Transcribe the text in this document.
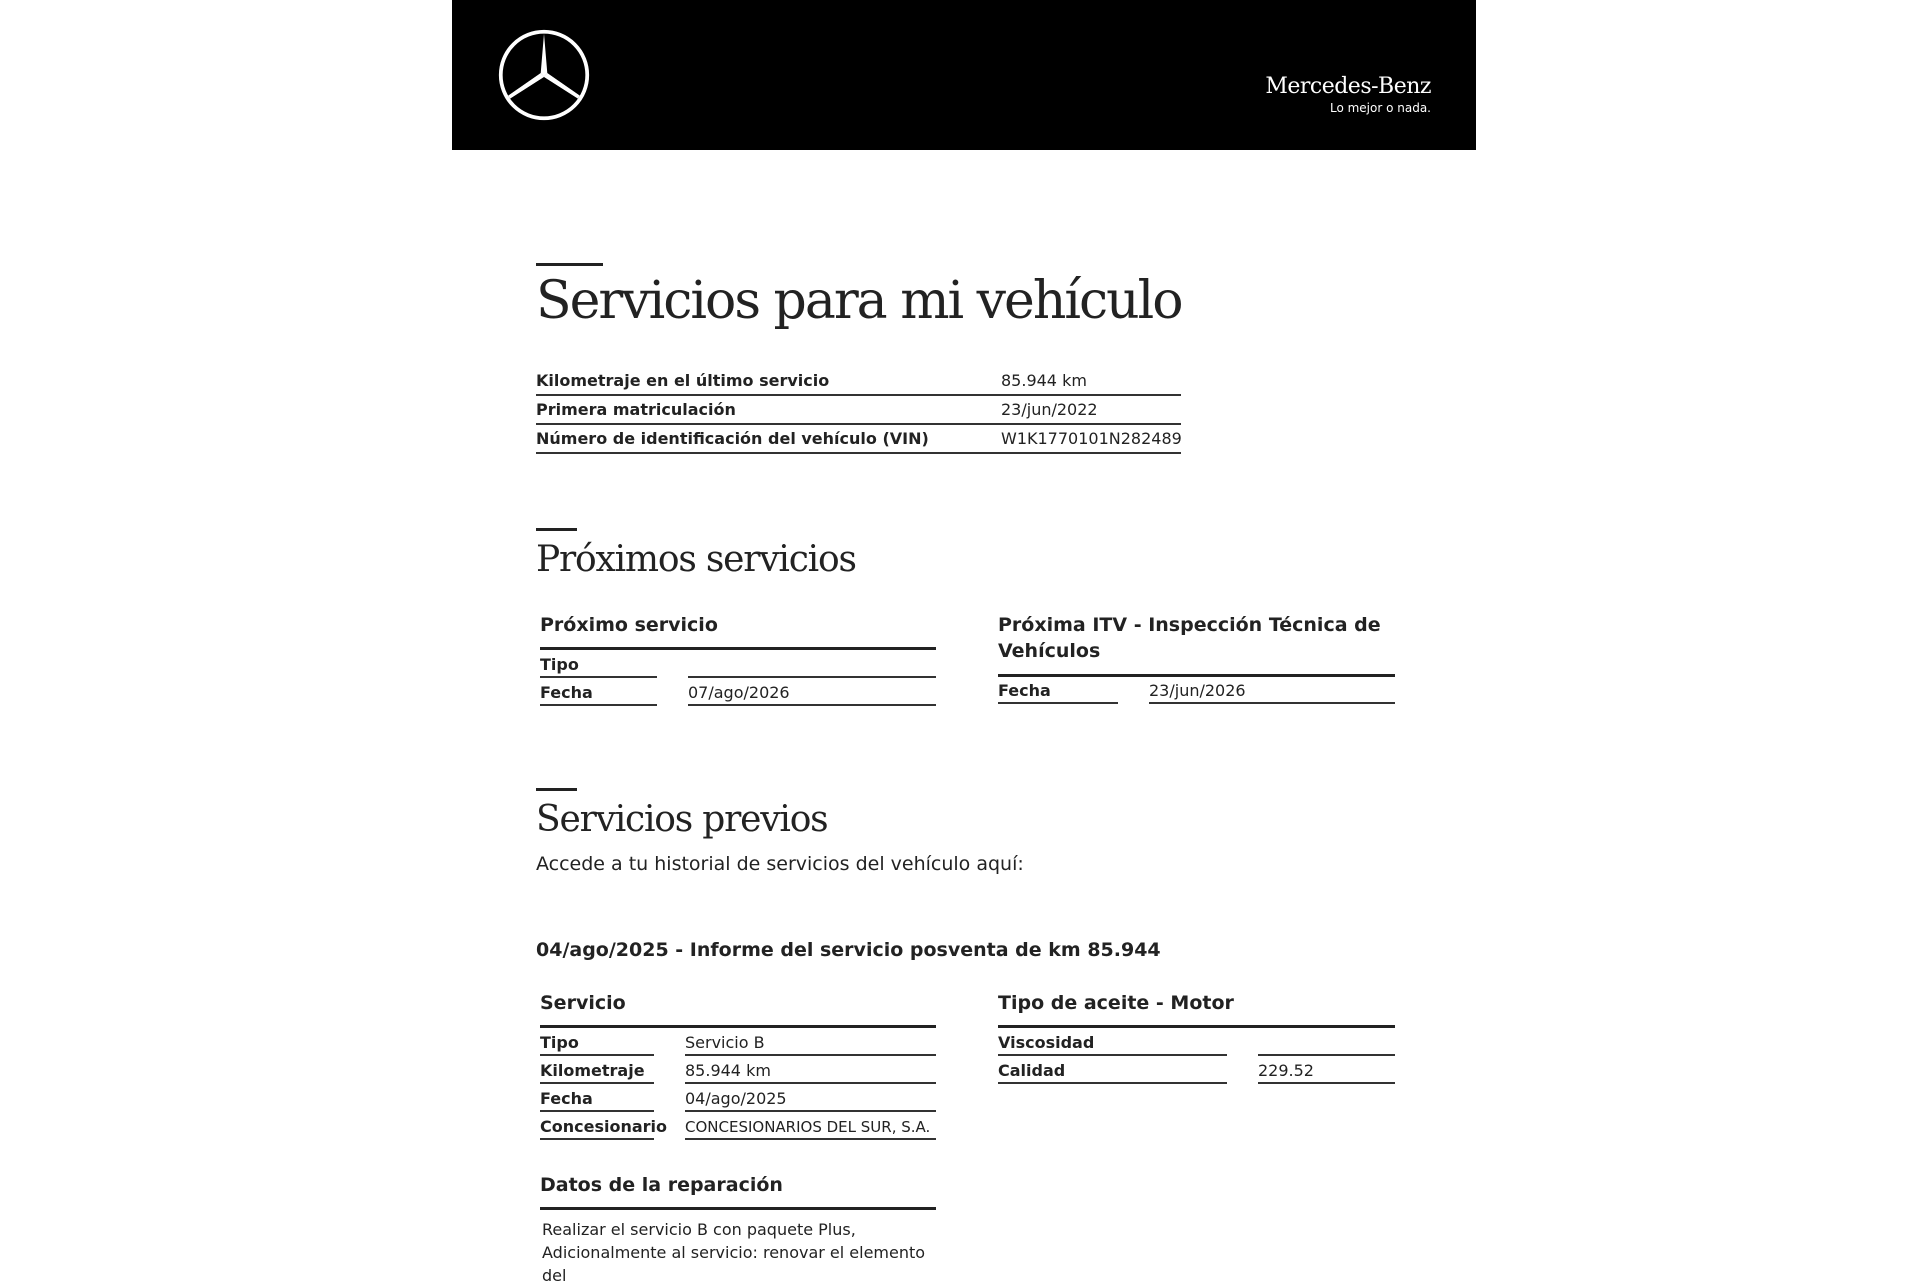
Mercedes-Benz
Lo mejor o nada.
Servicios para mi vehículo
Kilometraje en el último servicio	85.944 km
Primera matriculación	23/jun/2022
Número de identificación del vehículo (VIN)	W1K1770101N282489
Próximos servicios
Próximo servicio
Tipo
Fecha	07/ago/2026
Próxima ITV - Inspección Técnica de
Vehículos
Fecha	23/jun/2026
Servicios previos

Accede a tu historial de servicios del vehículo aquí:

04/ago/2025 - Informe del servicio posventa de km 85.944

Servicio
Tipo	Servicio B
Kilometraje	85.944 km
Fecha	04/ago/2025
Concesionario CONCESIONARIOS DEL SUR, S.A.
Tipo de aceite - Motor
Viscosidad
Calidad	229.52
Datos de la reparación

Realizar el servicio B con paquete Plus,
Adicionalmente al servicio: renovar el elemento del
